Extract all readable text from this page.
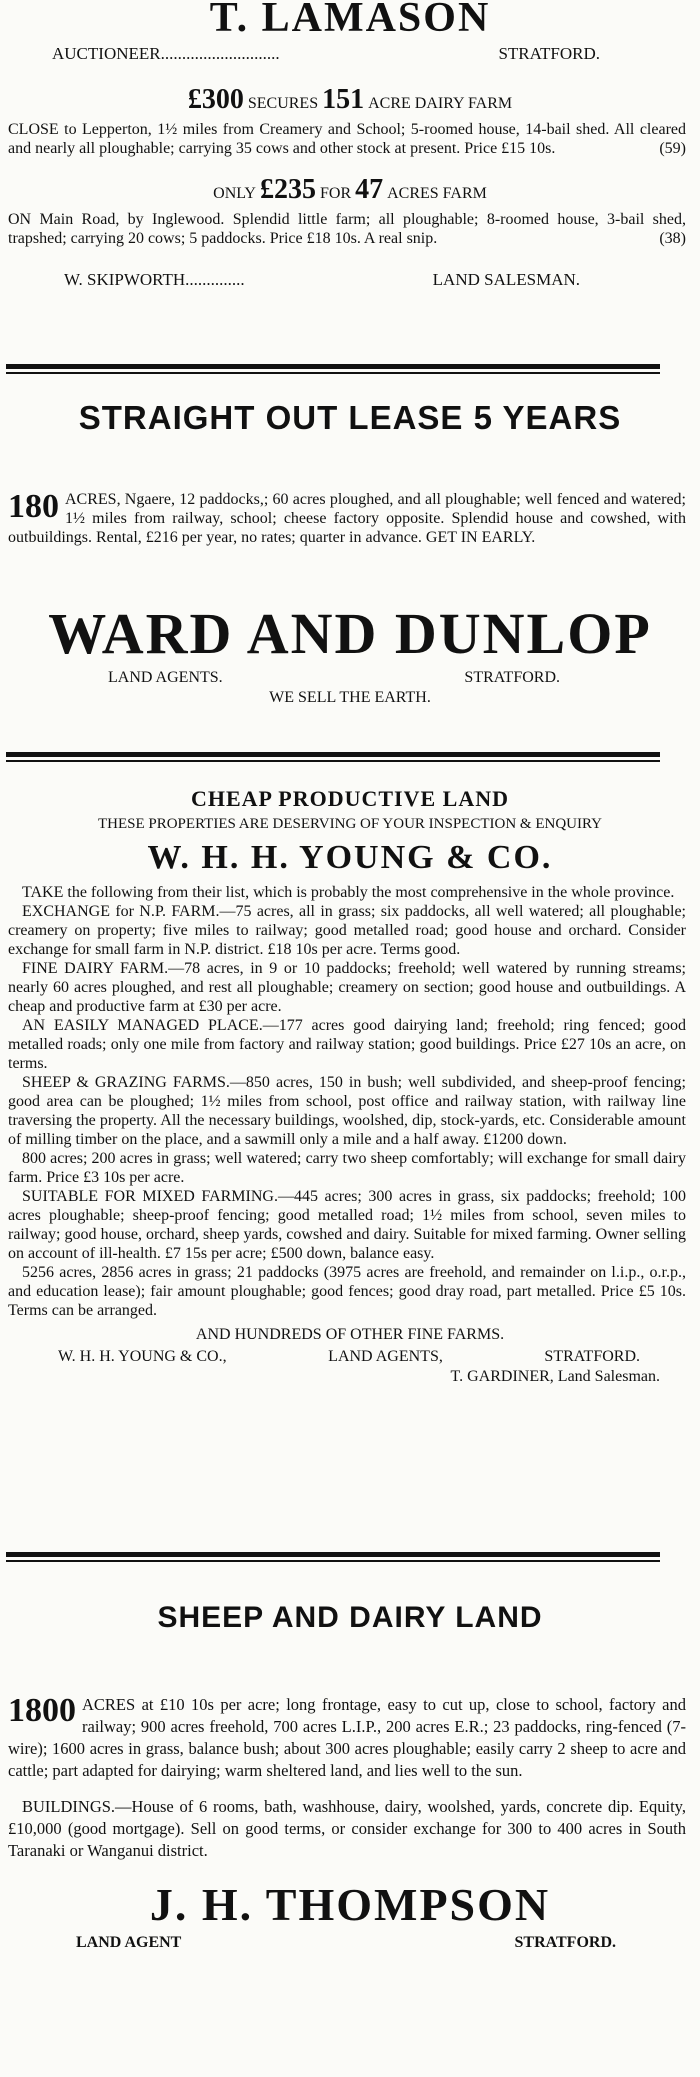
T. LAMASON
AUCTIONEER............................	STRATFORD.
£300 SECURES 151 ACRE DAIRY FARM

CLOSE to Lepperton, 1½ miles from Creamery and School; 5-roomed house, 14-bail shed. All cleared and nearly all ploughable; carrying 35 cows and other stock at present. Price £15 10s.	(59)

ONLY £235 FOR 47 ACRES FARM

ON Main Road, by Inglewood. Splendid little farm; all ploughable; 8-roomed house, 3-bail shed, trapshed; carrying 20 cows; 5 paddocks. Price £18 10s. A real snip.	(38)

W. SKIPWORTH..............	LAND SALESMAN.
STRAIGHT OUT LEASE 5 YEARS

180 ACRES, Ngaere, 12 paddocks,; 60 acres ploughed, and all ploughable; well fenced and watered; 1½ miles from railway, school; cheese factory opposite. Splendid house and cowshed, with outbuildings. Rental, £216 per year, no rates; quarter in advance. GET IN EARLY.

WARD AND DUNLOP
LAND AGENTS.	STRATFORD.
WE SELL THE EARTH.
CHEAP PRODUCTIVE LAND
THESE PROPERTIES ARE DESERVING OF YOUR INSPECTION & ENQUIRY
W. H. H. YOUNG & CO.

TAKE the following from their list, which is probably the most comprehensive in the whole province.

EXCHANGE for N.P. FARM.—75 acres, all in grass; six paddocks, all well watered; all ploughable; creamery on property; five miles to railway; good metalled road; good house and orchard. Consider exchange for small farm in N.P. district. £18 10s per acre. Terms good.

FINE DAIRY FARM.—78 acres, in 9 or 10 paddocks; freehold; well watered by running streams; nearly 60 acres ploughed, and rest all ploughable; creamery on section; good house and outbuildings. A cheap and productive farm at £30 per acre.

AN EASILY MANAGED PLACE.—177 acres good dairying land; freehold; ring fenced; good metalled roads; only one mile from factory and railway station; good buildings. Price £27 10s an acre, on terms.

SHEEP & GRAZING FARMS.—850 acres, 150 in bush; well subdivided, and sheep-proof fencing; good area can be ploughed; 1½ miles from school, post office and railway station, with railway line traversing the property. All the necessary buildings, woolshed, dip, stock-yards, etc. Considerable amount of milling timber on the place, and a sawmill only a mile and a half away. £1200 down.

800 acres; 200 acres in grass; well watered; carry two sheep comfortably; will exchange for small dairy farm. Price £3 10s per acre.

SUITABLE FOR MIXED FARMING.—445 acres; 300 acres in grass, six paddocks; freehold; 100 acres ploughable; sheep-proof fencing; good metalled road; 1½ miles from school, seven miles to railway; good house, orchard, sheep yards, cowshed and dairy. Suitable for mixed farming. Owner selling on account of ill-health. £7 15s per acre; £500 down, balance easy.

5256 acres, 2856 acres in grass; 21 paddocks (3975 acres are freehold, and remainder on l.i.p., o.r.p., and education lease); fair amount ploughable; good fences; good dray road, part metalled. Price £5 10s. Terms can be arranged.

AND HUNDREDS OF OTHER FINE FARMS.
W. H. H. YOUNG & CO.,	LAND AGENTS,	STRATFORD.
T. GARDINER, Land Salesman.
SHEEP AND DAIRY LAND

1800 ACRES at £10 10s per acre; long frontage, easy to cut up, close to school, factory and railway; 900 acres freehold, 700 acres L.I.P., 200 acres E.R.; 23 paddocks, ring-fenced (7-wire); 1600 acres in grass, balance bush; about 300 acres ploughable; easily carry 2 sheep to acre and cattle; part adapted for dairying; warm sheltered land, and lies well to the sun.

BUILDINGS.—House of 6 rooms, bath, washhouse, dairy, woolshed, yards, concrete dip. Equity, £10,000 (good mortgage). Sell on good terms, or consider exchange for 300 to 400 acres in South Taranaki or Wanganui district.

J. H. THOMPSON
LAND AGENT	STRATFORD.
